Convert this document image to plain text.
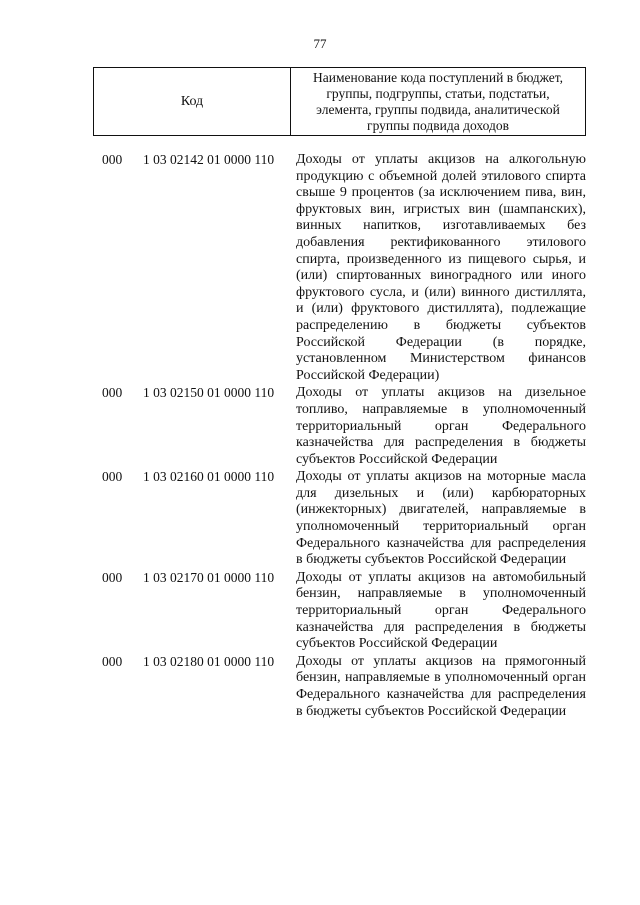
77
Код
Наименование кода поступлений в бюджет, группы, подгруппы, статьи, подстатьи, элемента, группы подвида, аналитической группы подвида доходов
000 1 03 02142 01 0000 110 Доходы от уплаты акцизов на алкогольную продукцию с объемной долей этилового спирта свыше 9 процентов (за исключением пива, вин, фруктовых вин, игристых вин (шампанских), винных напитков, изготавливаемых без добавления ректификованного этилового спирта, произведенного из пищевого сырья, и (или) спиртованных виноградного или иного фруктового сусла, и (или) винного дистиллята, и (или) фруктового дистиллята), подлежащие распределению в бюджеты субъектов Российской Федерации (в порядке, установленном Министерством финансов Российской Федерации)
000 1 03 02150 01 0000 110 Доходы от уплаты акцизов на дизельное топливо, направляемые в уполномоченный территориальный орган Федерального казначейства для распределения в бюджеты субъектов Российской Федерации
000 1 03 02160 01 0000 110 Доходы от уплаты акцизов на моторные масла для дизельных и (или) карбюраторных (инжекторных) двигателей, направляемые в уполномоченный территориальный орган Федерального казначейства для распределения в бюджеты субъектов Российской Федерации
000 1 03 02170 01 0000 110 Доходы от уплаты акцизов на автомобильный бензин, направляемые в уполномоченный территориальный орган Федерального казначейства для распределения в бюджеты субъектов Российской Федерации
000 1 03 02180 01 0000 110 Доходы от уплаты акцизов на прямогонный бензин, направляемые в уполномоченный орган Федерального казначейства для распределения в бюджеты субъектов Российской Федерации
